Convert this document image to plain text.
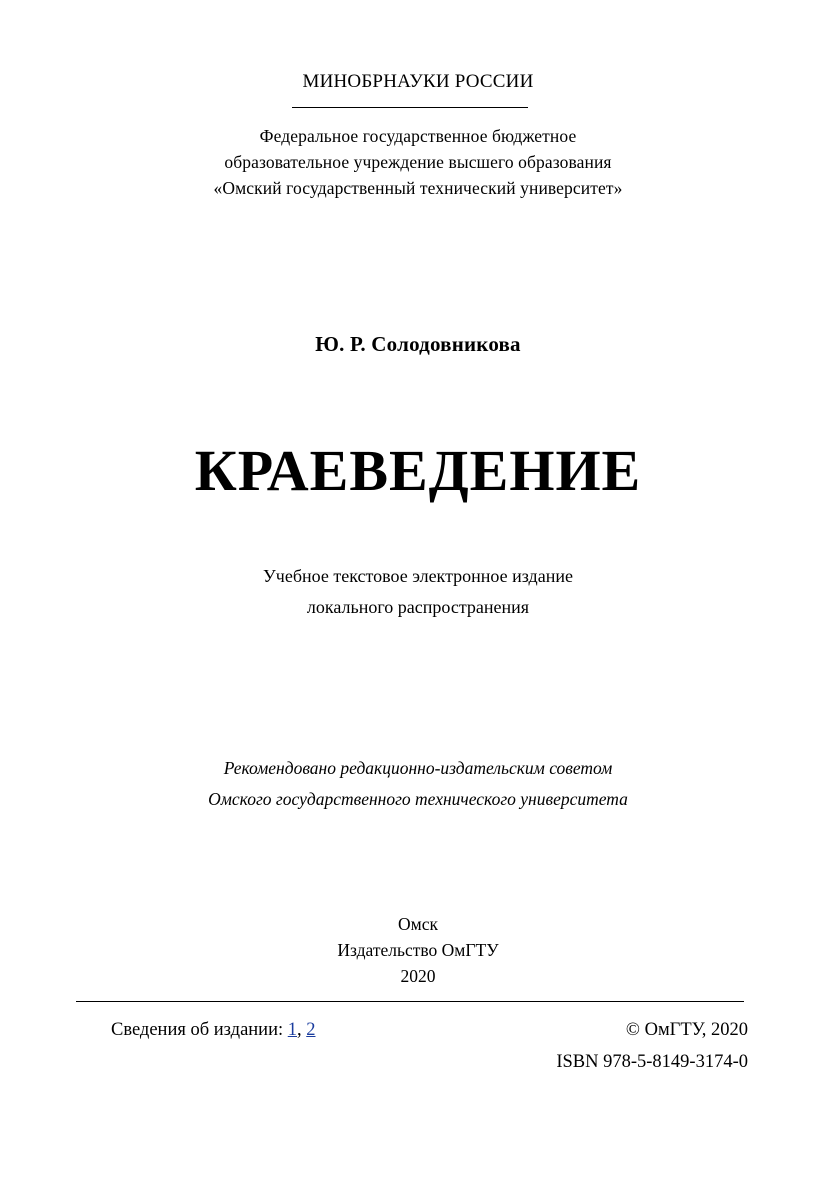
МИНОБРНАУКИ РОССИИ
Федеральное государственное бюджетное
образовательное учреждение высшего образования
«Омский государственный технический университет»
Ю. Р. Солодовникова
КРАЕВЕДЕНИЕ
Учебное текстовое электронное издание
локального распространения
Рекомендовано редакционно-издательским советом
Омского государственного технического университета
Омск
Издательство ОмГТУ
2020
Сведения об издании: 1, 2	© ОмГТУ, 2020
ISBN 978-5-8149-3174-0
